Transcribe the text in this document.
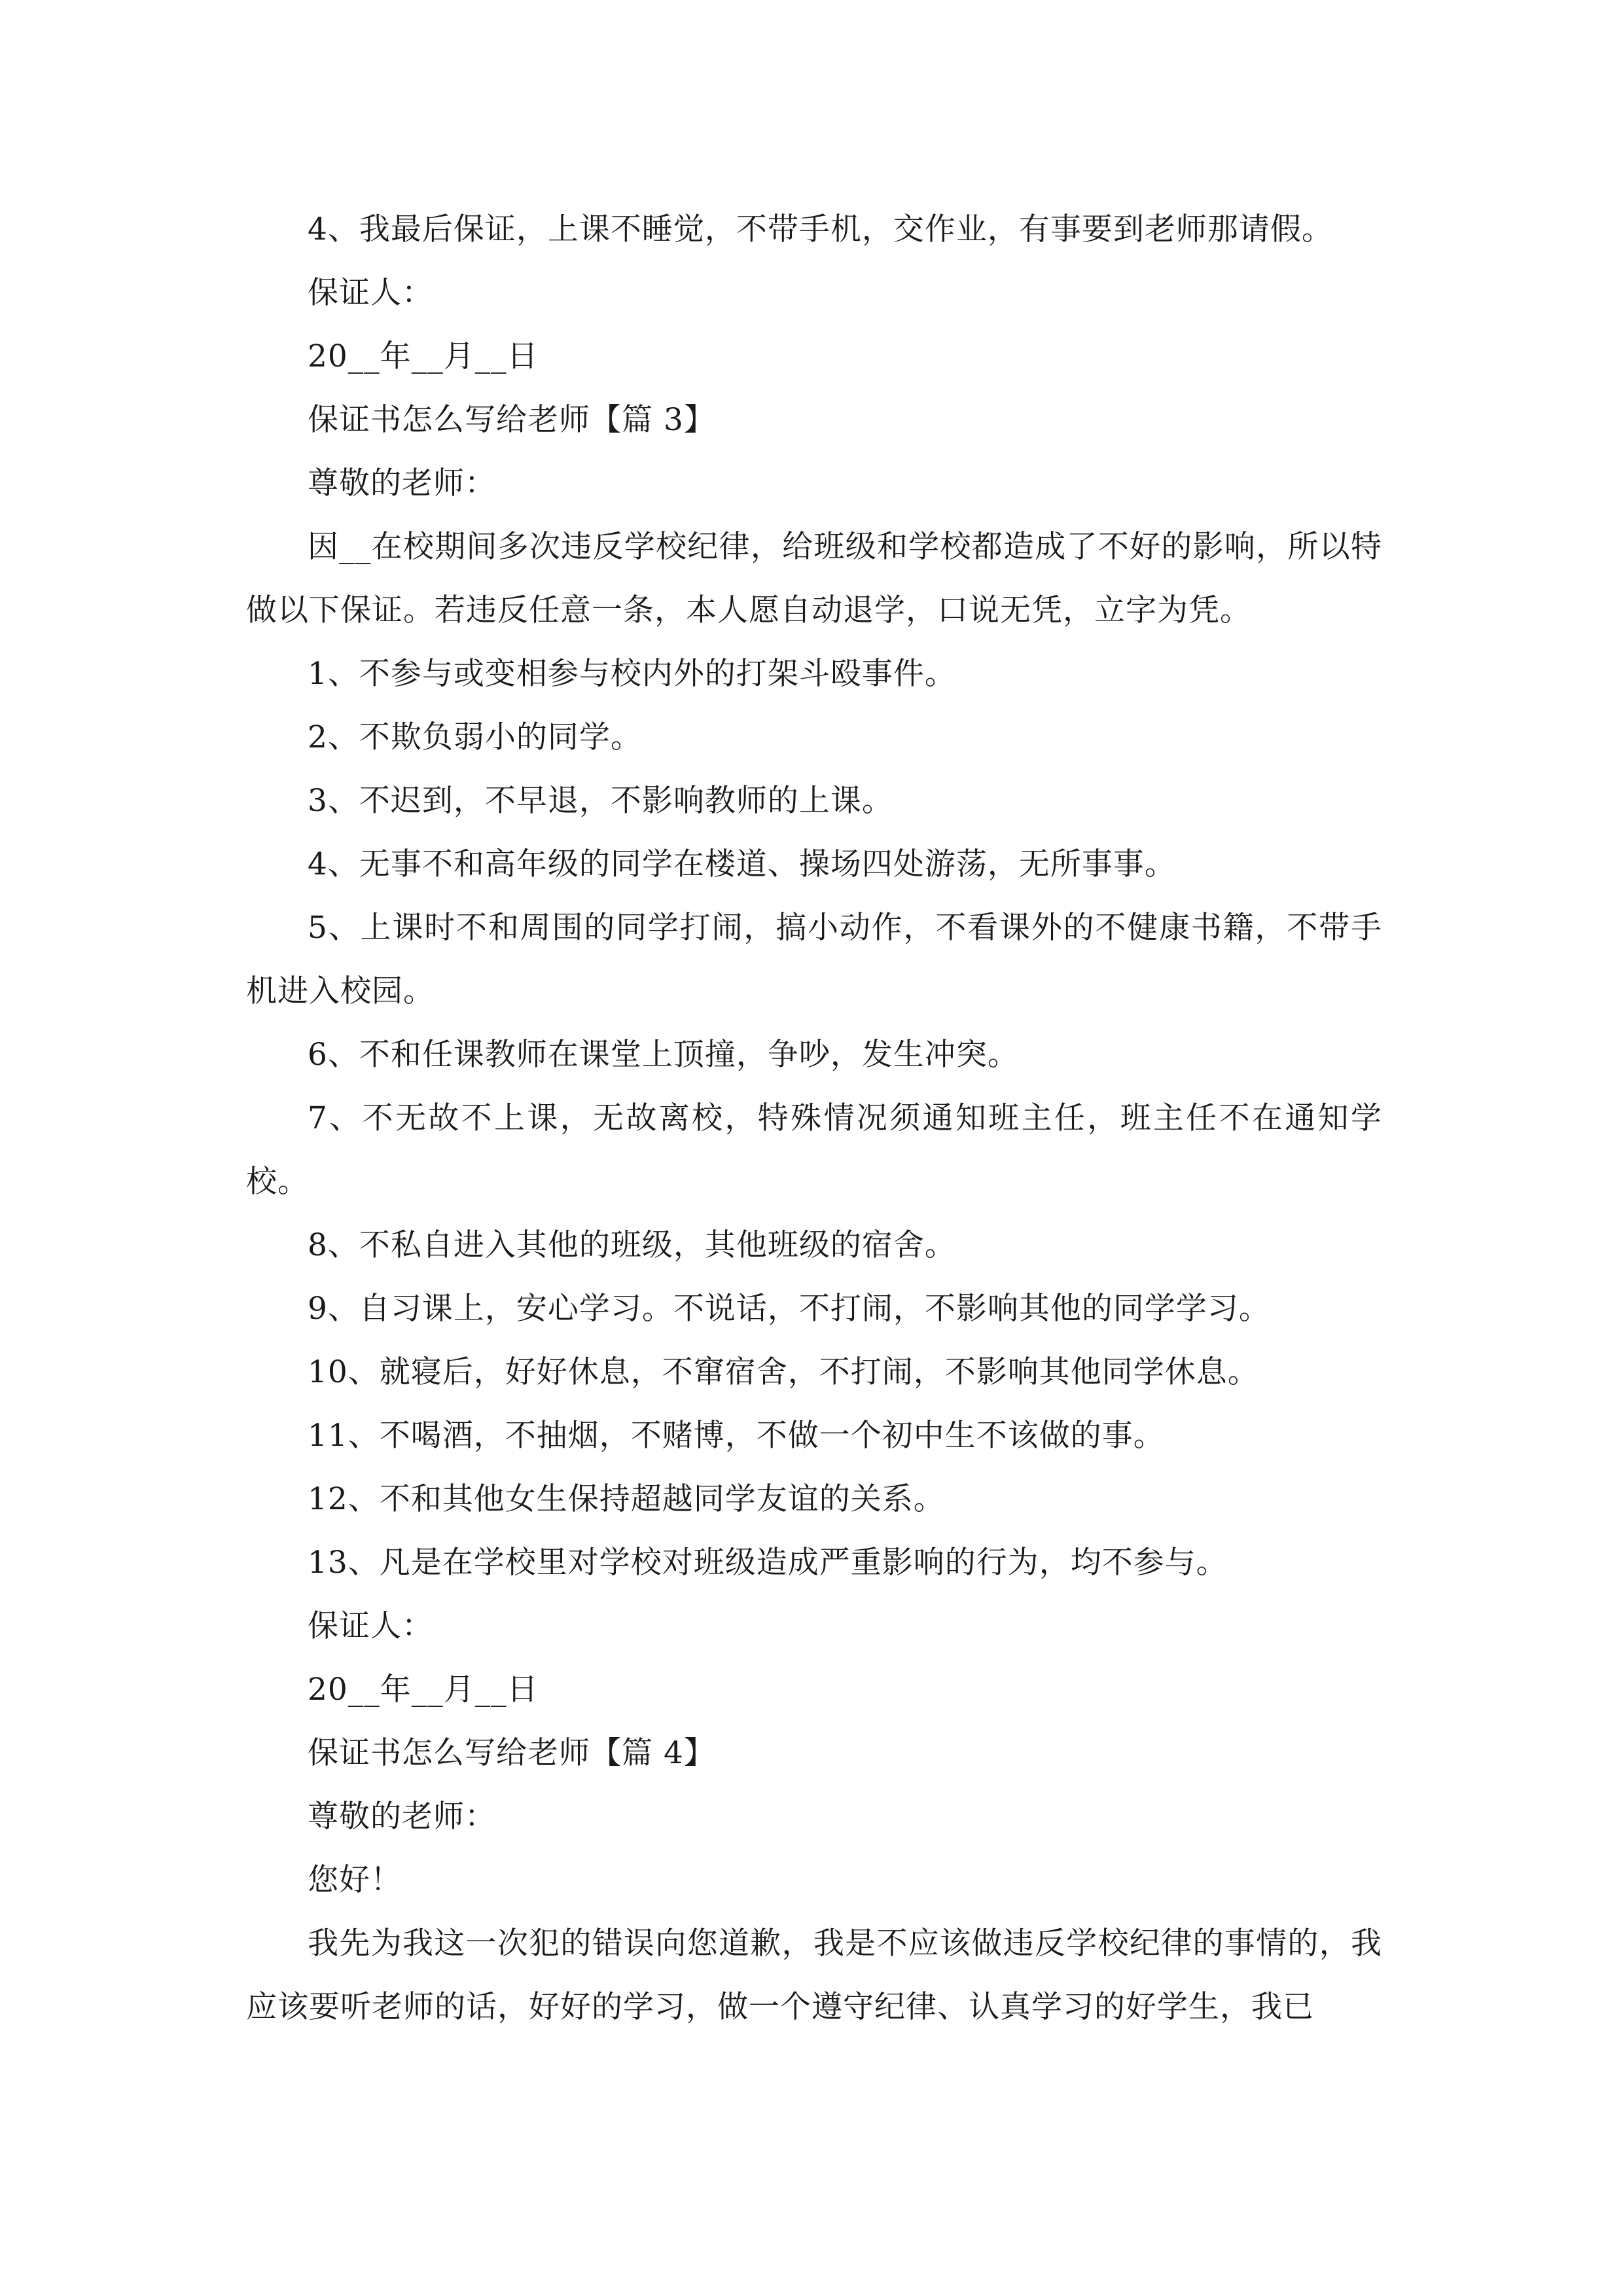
4、我最后保证，上课不睡觉，不带手机，交作业，有事要到老师那请假。

保证人：

20__年__月__日

保证书怎么写给老师【篇 3】

尊敬的老师：

因__在校期间多次违反学校纪律，给班级和学校都造成了不好的影响，所以特做以下保证。若违反任意一条，本人愿自动退学，口说无凭，立字为凭。

1、不参与或变相参与校内外的打架斗殴事件。

2、不欺负弱小的同学。

3、不迟到，不早退，不影响教师的上课。

4、无事不和高年级的同学在楼道、操场四处游荡，无所事事。

5、上课时不和周围的同学打闹，搞小动作，不看课外的不健康书籍，不带手机进入校园。

6、不和任课教师在课堂上顶撞，争吵，发生冲突。

7、不无故不上课，无故离校，特殊情况须通知班主任，班主任不在通知学校。

8、不私自进入其他的班级，其他班级的宿舍。

9、自习课上，安心学习。不说话，不打闹，不影响其他的同学学习。

10、就寝后，好好休息，不窜宿舍，不打闹，不影响其他同学休息。

11、不喝酒，不抽烟，不赌博，不做一个初中生不该做的事。

12、不和其他女生保持超越同学友谊的关系。

13、凡是在学校里对学校对班级造成严重影响的行为，均不参与。

保证人：

20__年__月__日

保证书怎么写给老师【篇 4】

尊敬的老师：

您好！

我先为我这一次犯的错误向您道歉，我是不应该做违反学校纪律的事情的，我应该要听老师的话，好好的学习，做一个遵守纪律、认真学习的好学生，我已
